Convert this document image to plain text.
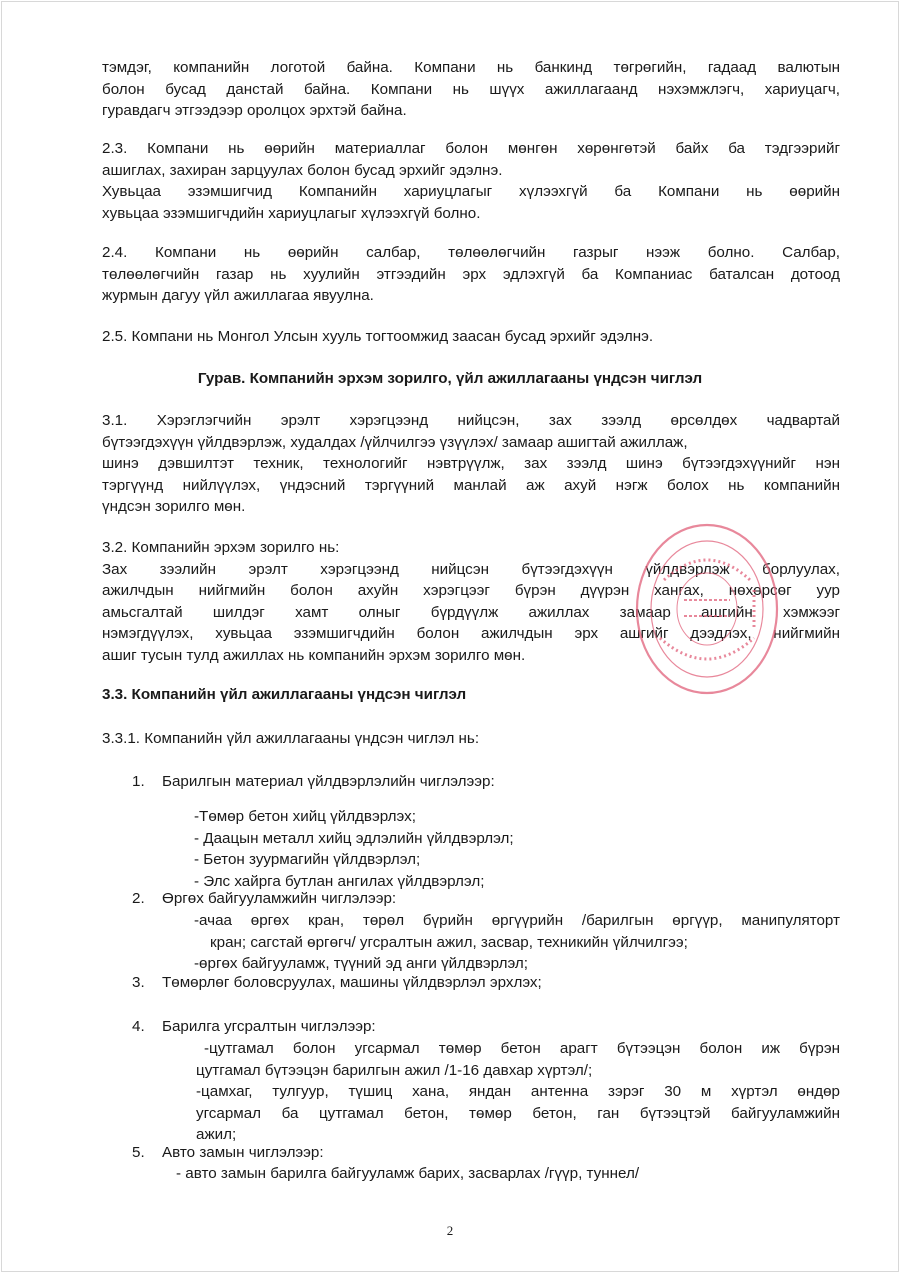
тэмдэг, компанийн логотой байна. Компани нь банкинд төгрөгийн, гадаад валютын
болон бусад данстай байна. Компани нь шүүх ажиллагаанд нэхэмжлэгч, хариуцагч,
гуравдагч этгээдээр оролцох эрхтэй байна.
2.3. Компани нь өөрийн материаллаг болон мөнгөн хөрөнгөтэй байх ба тэдгээрийг
ашиглах, захиран зарцуулах болон бусад эрхийг эдэлнэ.
Хувьцаа эзэмшигчид Компанийн хариуцлагыг хүлээхгүй ба Компани нь өөрийн
хувьцаа эзэмшигчдийн хариуцлагыг хүлээхгүй болно.
2.4. Компани нь өөрийн салбар, төлөөлөгчийн газрыг нээж болно. Салбар,
төлөөлөгчийн газар нь хуулийн этгээдийн эрх эдлэхгүй ба Компаниас баталсан дотоод
журмын дагуу үйл ажиллагаа явуулна.
2.5. Компани нь Монгол Улсын хууль тогтоомжид заасан бусад эрхийг эдэлнэ.
Гурав. Компанийн эрхэм зорилго, үйл ажиллагааны үндсэн чиглэл
3.1. Хэрэглэгчийн эрэлт хэрэгцээнд нийцсэн, зах зээлд өрсөлдөх чадвартай
бүтээгдэхүүн үйлдвэрлэж, худалдах /үйлчилгээ үзүүлэх/ замаар ашигтай ажиллаж,
шинэ дэвшилтэт техник, технологийг нэвтрүүлж, зах зээлд шинэ бүтээгдэхүүнийг нэн
тэргүүнд нийлүүлэх, үндэсний тэргүүний манлай аж ахуй нэгж болох нь компанийн
үндсэн зорилго мөн.
3.2. Компанийн эрхэм зорилго нь:
Зах зээлийн эрэлт хэрэгцээнд нийцсэн бүтээгдэхүүн үйлдвэрлэж борлуулах,
ажилчдын нийгмийн болон ахуйн хэрэгцээг бүрэн дүүрэн хангах, нөхөрсөг уур
амьсгалтай шилдэг хамт олныг бүрдүүлж ажиллах замаар ашгийн хэмжээг
нэмэгдүүлэх, хувьцаа эзэмшигчдийн болон ажилчдын эрх ашгийг дээдлэх, нийгмийн
ашиг тусын тулд ажиллах нь компанийн эрхэм зорилго мөн.
3.3. Компанийн үйл ажиллагааны үндсэн чиглэл
3.3.1. Компанийн үйл ажиллагааны үндсэн чиглэл нь:
1. Барилгын материал үйлдвэрлэлийн чиглэлээр:
-Төмөр бетон хийц үйлдвэрлэх;
- Даацын металл хийц эдлэлийн үйлдвэрлэл;
- Бетон зуурмагийн үйлдвэрлэл;
- Элс хайрга бутлан ангилах үйлдвэрлэл;
2. Өргөх байгууламжийн чиглэлээр:
-ачаа өргөх кран, төрөл бүрийн өргүүрийн /барилгын өргүүр, манипуляторт
кран; сагстай өргөгч/ угсралтын ажил, засвар, техникийн үйлчилгээ;
-өргөх байгууламж, түүний эд анги үйлдвэрлэл;
3. Төмөрлөг боловсруулах, машины үйлдвэрлэл эрхлэх;
4. Барилга угсралтын чиглэлээр:
-цутгамал болон угсармал төмөр бетон арагт бүтээцэн болон иж бүрэн
цутгамал бүтээцэн барилгын ажил /1-16 давхар хүртэл/;
-цамхаг, тулгуур, түшиц хана, яндан антенна зэрэг 30 м хүртэл өндөр
угсармал ба цутгамал бетон, төмөр бетон, ган бүтээцтэй байгууламжийн
ажил;
5. Авто замын чиглэлээр:
- авто замын барилга байгууламж барих, засварлах /гүүр, туннел/
2
